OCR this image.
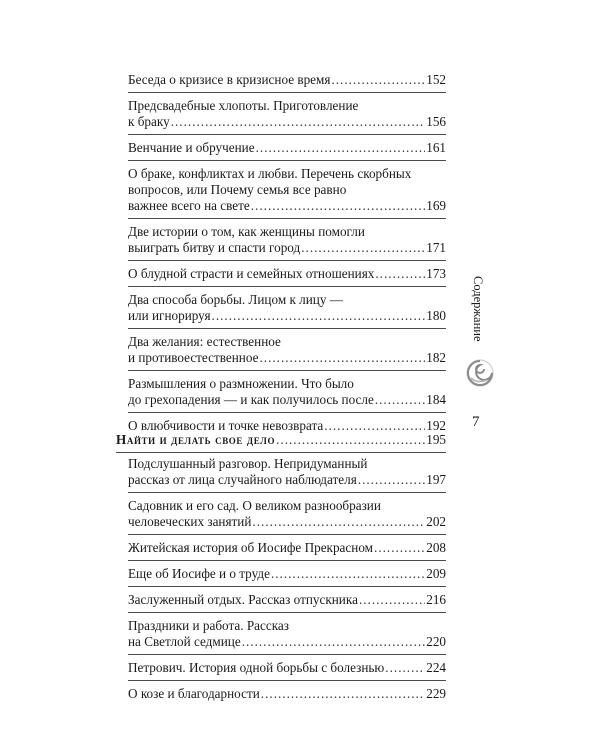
Беседа о кризисе в кризисное время .....	152
Предсвадебные хлопоты. Приготовление
к браку .....	156
Венчание и обручение .....	161
О браке, конфликтах и любви. Перечень скорбных
вопросов, или Почему семья все равно
важнее всего на свете .....	169
Две истории о том, как женщины помогли
выиграть битву и спасти город .....	171
О блудной страсти и семейных отношениях .....	173
Два способа борьбы. Лицом к лицу —
или игнорируя .....	180
Два желания: естественное
и противоестественное .....	182
Размышления о размножении. Что было
до грехопадения — и как получилось после .....	184
О влюбчивости и точке невозврата .....	192
Найти и делать свое дело .....	195
Подслушанный разговор. Непридуманный
рассказ от лица случайного наблюдателя .....	197
Садовник и его сад. О великом разнообразии
человеческих занятий .....	202
Житейская история об Иосифе Прекрасном .....	208
Еще об Иосифе и о труде .....	209
Заслуженный отдых. Рассказ отпускника .....	216
Праздники и работа. Рассказ
на Светлой седмице .....	220
Петрович. История одной борьбы с болезнью .....	224
О козе и благодарности .....	229
Содержание
7
